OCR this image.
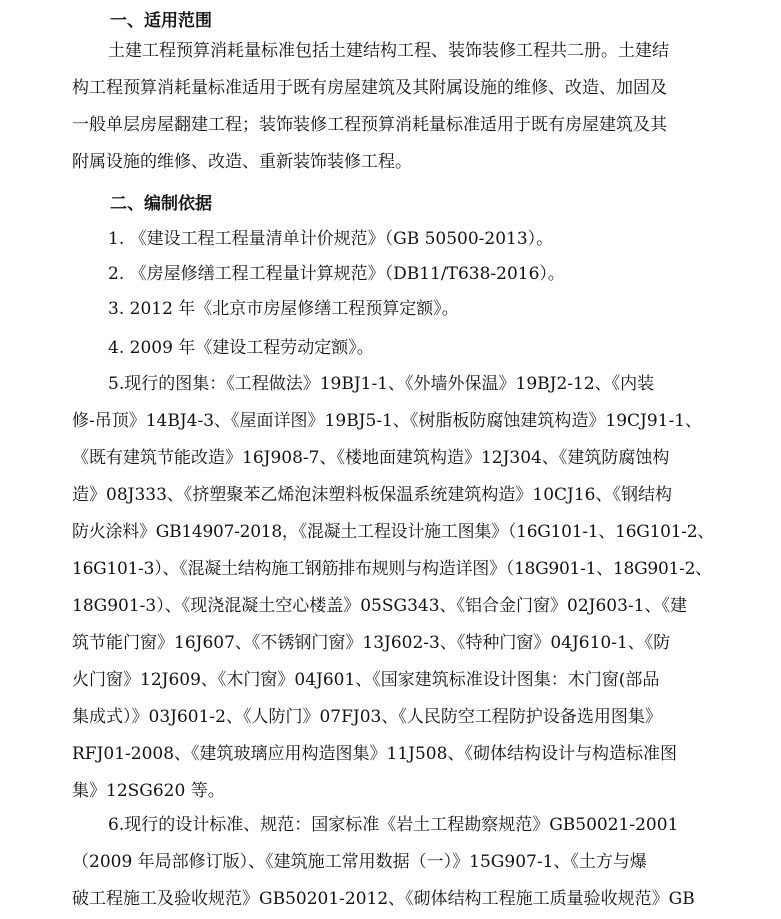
一、适用范围
土建工程预算消耗量标准包括土建结构工程、装饰装修工程共二册。土建结
构工程预算消耗量标准适用于既有房屋建筑及其附属设施的维修、改造、加固及
一般单层房屋翻建工程；装饰装修工程预算消耗量标准适用于既有房屋建筑及其
附属设施的维修、改造、重新装饰装修工程。
二、编制依据
1. 《建设工程工程量清单计价规范》（GB 50500-2013）。
2. 《房屋修缮工程工程量计算规范》（DB11/T638-2016）。
3. 2012 年《北京市房屋修缮工程预算定额》。
4. 2009 年《建设工程劳动定额》。
5.现行的图集：《工程做法》19BJ1-1、《外墙外保温》19BJ2-12、《内装
修-吊顶》14BJ4-3、《屋面详图》19BJ5-1、《树脂板防腐蚀建筑构造》19CJ91-1、
《既有建筑节能改造》16J908-7、《楼地面建筑构造》12J304、《建筑防腐蚀构
造》08J333、《挤塑聚苯乙烯泡沫塑料板保温系统建筑构造》10CJ16、《钢结构
防火涂料》GB14907-2018，《混凝土工程设计施工图集》（16G101-1、16G101-2、
16G101-3）、《混凝土结构施工钢筋排布规则与构造详图》（18G901-1、18G901-2、
18G901-3）、《现浇混凝土空心楼盖》05SG343、《铝合金门窗》02J603-1、《建
筑节能门窗》16J607、《不锈钢门窗》13J602-3、《特种门窗》04J610-1、《防
火门窗》12J609、《木门窗》04J601、《国家建筑标准设计图集：木门窗(部品
集成式）》03J601-2、《人防门》07FJ03、《人民防空工程防护设备选用图集》
RFJ01-2008、《建筑玻璃应用构造图集》11J508、《砌体结构设计与构造标准图
集》12SG620 等。
6.现行的设计标准、规范：国家标准《岩土工程勘察规范》GB50021-2001
（2009 年局部修订版）、《建筑施工常用数据（一）》15G907-1、《土方与爆
破工程施工及验收规范》GB50201-2012、《砌体结构工程施工质量验收规范》GB
